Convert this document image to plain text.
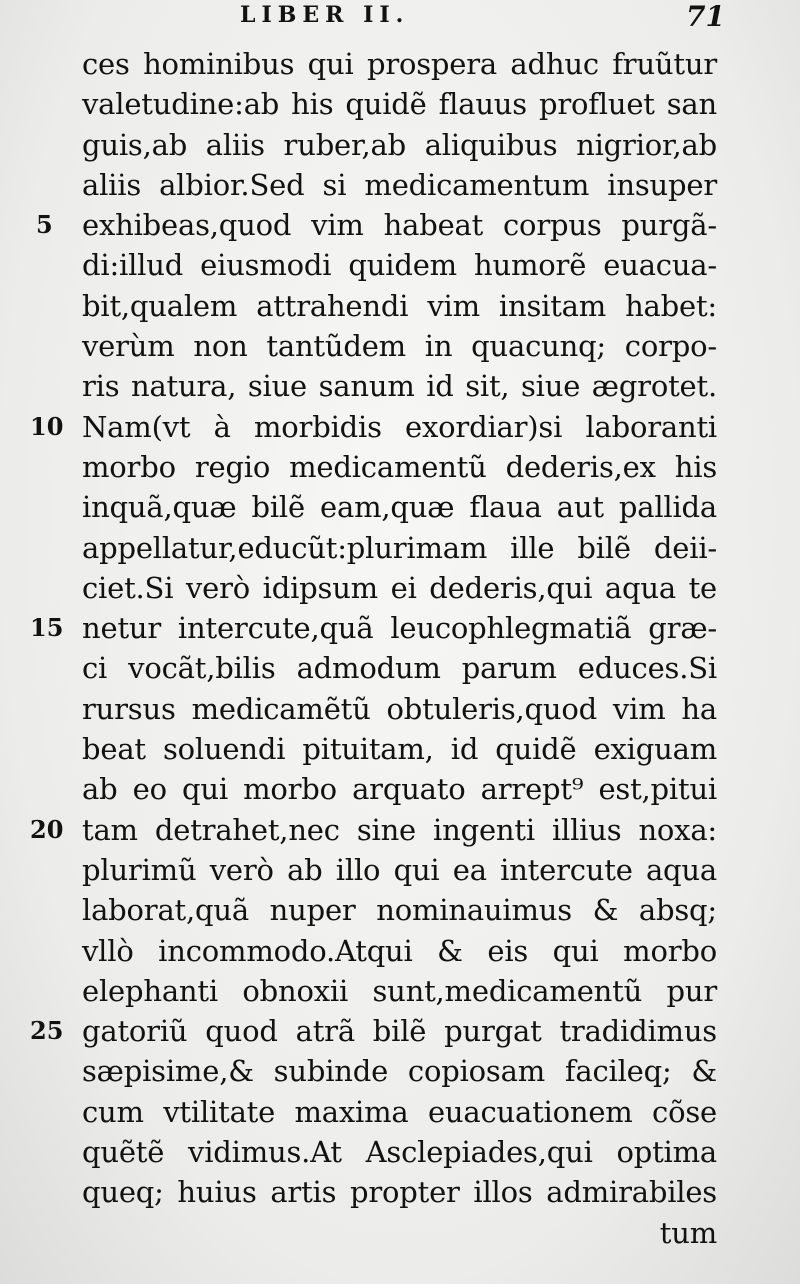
LIBER II.	71
ces hominibus qui prospera adhuc fruũtur
valetudine:ab his quidẽ flauus profluet san
guis,ab aliis ruber,ab aliquibus nigrior,ab
aliis albior.Sed si medicamentum insuper
exhibeas,quod vim habeat corpus purgã-
di:illud eiusmodi quidem humorẽ euacua-
bit,qualem attrahendi vim insitam habet:
verùm non tantũdem in quacunq; corpo-
ris natura, siue sanum id sit, siue ægrotet.
Nam(vt à morbidis exordiar)si laboranti
morbo regio medicamentũ dederis,ex his
inquã,quæ bilẽ eam,quæ flaua aut pallida
appellatur,educũt:plurimam ille bilẽ deii-
ciet.Si verò idipsum ei dederis,qui aqua te
netur intercute,quã leucophlegmatiã græ-
ci vocãt,bilis admodum parum educes.Si
rursus medicamẽtũ obtuleris,quod vim ha
beat soluendi pituitam, id quidẽ exiguam
ab eo qui morbo arquato arrept⁹ est,pitui
tam detrahet,nec sine ingenti illius noxa:
plurimũ verò ab illo qui ea intercute aqua
laborat,quã nuper nominauimus & absq;
vllò incommodo.Atqui & eis qui morbo
elephanti obnoxii sunt,medicamentũ pur
gatoriũ quod atrã bilẽ purgat tradidimus
sæpisime,& subinde copiosam facileq; &
cum vtilitate maxima euacuationem cõse
quẽtẽ vidimus.At Asclepiades,qui optima
queq; huius artis propter illos admirabiles
tum
5
10
15
20
25
